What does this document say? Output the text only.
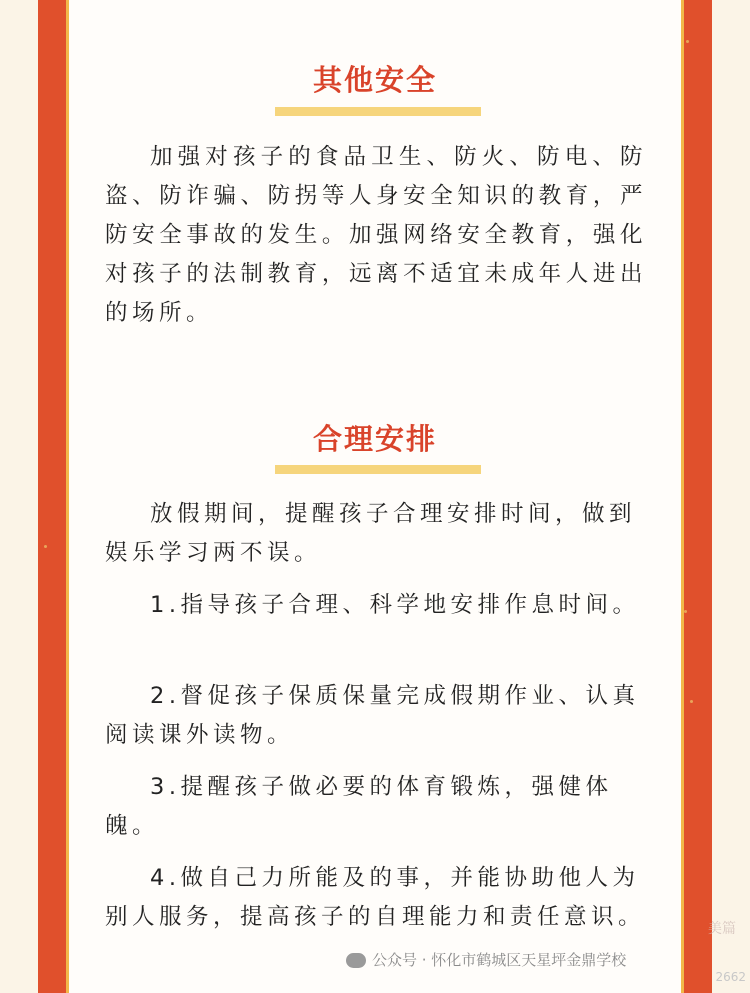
其他安全
加强对孩子的食品卫生、防火、防电、防盗、防诈骗、防拐等人身安全知识的教育，严防安全事故的发生。加强网络安全教育，强化对孩子的法制教育，远离不适宜未成年人进出的场所。
合理安排
放假期间，提醒孩子合理安排时间，做到娱乐学习两不误。
1.指导孩子合理、科学地安排作息时间。
2.督促孩子保质保量完成假期作业、认真阅读课外读物。
3.提醒孩子做必要的体育锻炼，强健体魄。
4.做自己力所能及的事，并能协助他人为别人服务，提高孩子的自理能力和责任意识。
公众号 · 怀化市鹤城区天星坪金鼎学校
美篇
2662
